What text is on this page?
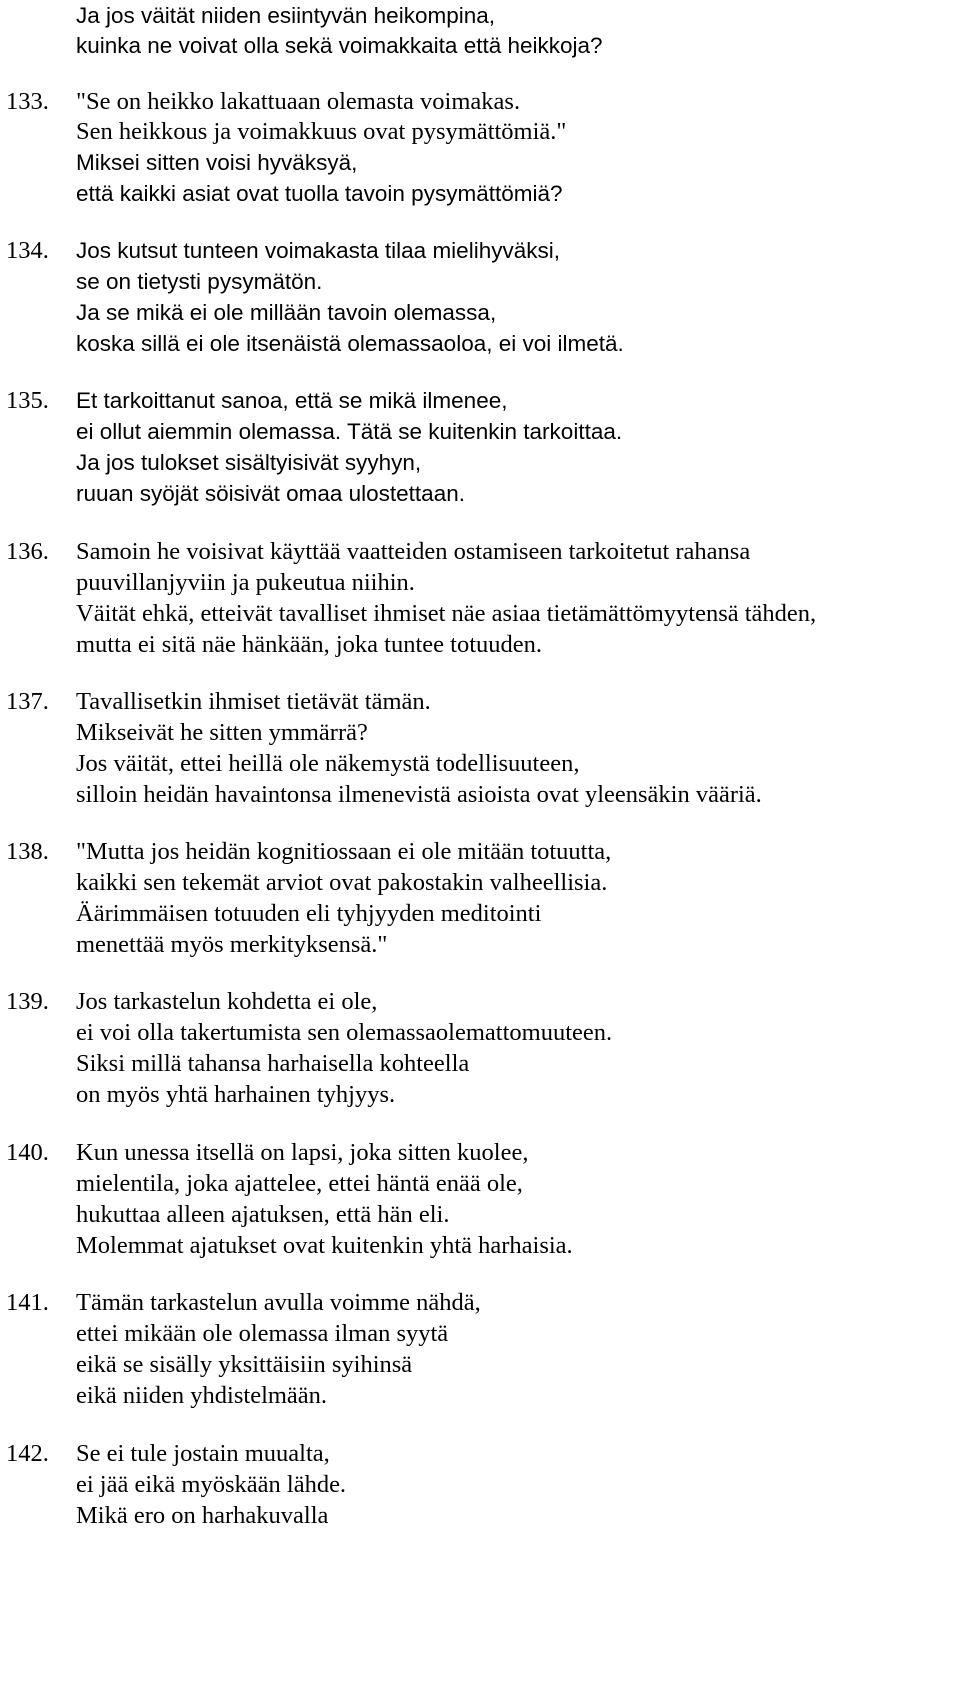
Ja jos väität niiden esiintyvän heikompina,
kuinka ne voivat olla sekä voimakkaita että heikkoja?
133. "Se on heikko lakattuaan olemasta voimakas.
Sen heikkous ja voimakkuus ovat pysymättömiä."
Miksei sitten voisi hyväksyä,
että kaikki asiat ovat tuolla tavoin pysymättömiä?
134. Jos kutsut tunteen voimakasta tilaa mielihyväksi,
se on tietysti pysymätön.
Ja se mikä ei ole millään tavoin olemassa,
koska sillä ei ole itsenäistä olemassaoloa, ei voi ilmetä.
135. Et tarkoittanut sanoa, että se mikä ilmenee,
ei ollut aiemmin olemassa. Tätä se kuitenkin tarkoittaa.
Ja jos tulokset sisältyisivät syyhyn,
ruuan syöjät söisivät omaa ulostettaan.
136. Samoin he voisivat käyttää vaatteiden ostamiseen tarkoitetut rahansa
puuvillanjyviin ja pukeutua niihin.
Väität ehkä, etteivät tavalliset ihmiset näe asiaa tietämättömyytensä tähden,
mutta ei sitä näe hänkään, joka tuntee totuuden.
137. Tavallisetkin ihmiset tietävät tämän.
Mikseivät he sitten ymmärrä?
Jos väität, ettei heillä ole näkemystä todellisuuteen,
silloin heidän havaintonsa ilmenevistä asioista ovat yleensäkin vääriä.
138. "Mutta jos heidän kognitiossaan ei ole mitään totuutta,
kaikki sen tekemät arviot ovat pakostakin valheellisia.
Äärimmäisen totuuden eli tyhjyyden meditointi
menettää myös merkityksensä."
139. Jos tarkastelun kohdetta ei ole,
ei voi olla takertumista sen olemassaolemattomuuteen.
Siksi millä tahansa harhaisella kohteella
on myös yhtä harhainen tyhjyys.
140. Kun unessa itsellä on lapsi, joka sitten kuolee,
mielentila, joka ajattelee, ettei häntä enää ole,
hukuttaa alleen ajatuksen, että hän eli.
Molemmat ajatukset ovat kuitenkin yhtä harhaisia.
141. Tämän tarkastelun avulla voimme nähdä,
ettei mikään ole olemassa ilman syytä
eikä se sisälly yksittäisiin syihinsä
eikä niiden yhdistelmään.
142. Se ei tule jostain muualta,
ei jää eikä myöskään lähde.
Mikä ero on harhakuvalla
